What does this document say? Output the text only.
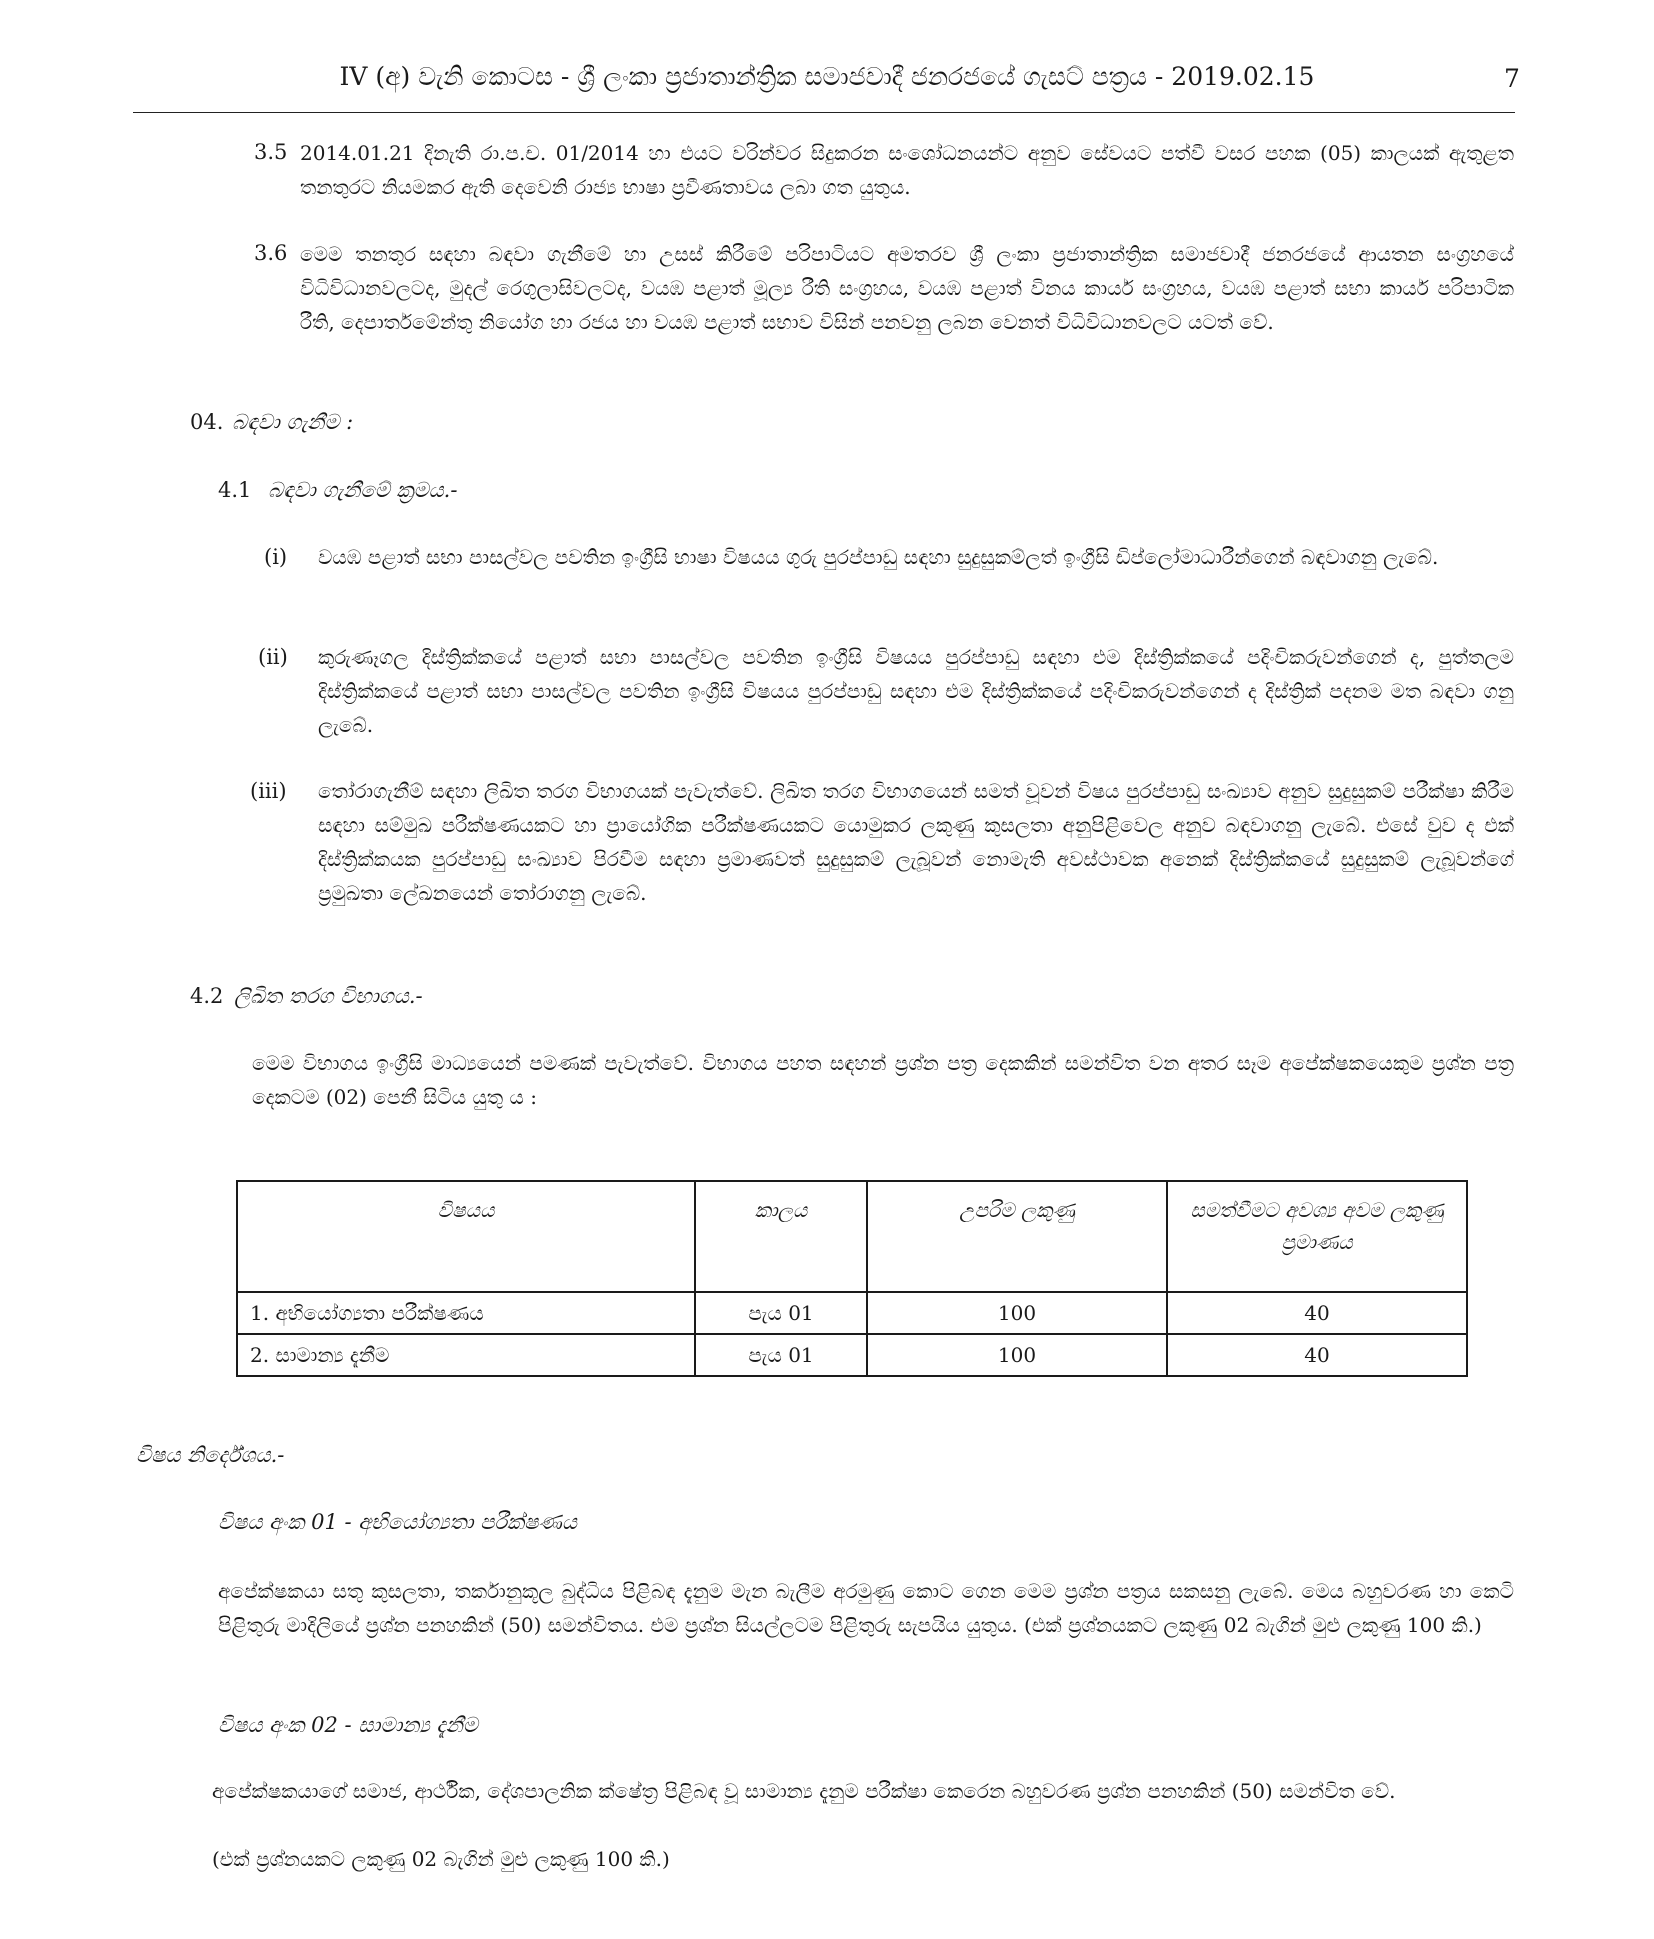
IV (අ) වැනි කොටස - ශ්‍රී ලංකා ප්‍රජාතාන්ත්‍රික සමාජවාදී ජනරජයේ ගැසට් පත්‍රය - 2019.02.15	7
3.5 2014.01.21 දිනැති රා.ප.ච. 01/2014 හා එයට වරින්වර සිදුකරන සංශෝධනයන්ට අනුව සේවයට පත්වී වසර පහක (05) කාලයක් ඇතුළත තනතුරට නියමකර ඇති දෙවෙනි රාජ්‍ය භාෂා ප්‍රවීණතාවය ලබා ගත යුතුය.
3.6 මෙම තනතුර සඳහා බඳවා ගැනීමේ හා උසස් කිරීමේ පරිපාටියට අමතරව ශ්‍රී ලංකා ප්‍රජාතාන්ත්‍රික සමාජවාදී ජනරජයේ ආයතන සංග්‍රහයේ විධිවිධානවලටද, මුදල් රෙගුලාසිවලටද, වයඹ පළාත් මූල්‍ය රීති සංග්‍රහය, වයඹ පළාත් විනය කාර්ය සංග්‍රහය, වයඹ පළාත් සභා කාර්ය පරිපාටික රීති, දෙපාර්තමේන්තු නියෝග හා රජය හා වයඹ පළාත් සභාව විසින් පනවනු ලබන වෙනත් විධිවිධානවලට යටත් වේ.
04. බඳවා ගැනීම :
4.1 බඳවා ගැනීමේ ක්‍රමය.-
(i) වයඹ පළාත් සභා පාසල්වල පවතින ඉංග්‍රීසි භාෂා විෂයය ගුරු පුරප්පාඩු සඳහා සුදුසුකම්ලත් ඉංග්‍රීසි ඩිප්ලෝමාධාරීන්ගෙන් බඳවාගනු ලැබේ.
(ii) කුරුණෑගල දිස්ත්‍රික්කයේ පළාත් සභා පාසල්වල පවතින ඉංග්‍රීසි විෂයය පුරප්පාඩු සඳහා එම දිස්ත්‍රික්කයේ පදිංචිකරුවන්ගෙන් ද, පුත්තලම දිස්ත්‍රික්කයේ පළාත් සභා පාසල්වල පවතින ඉංග්‍රීසි විෂයය පුරප්පාඩු සඳහා එම දිස්ත්‍රික්කයේ පදිංචිකරුවන්ගෙන් ද දිස්ත්‍රික් පදනම මත බඳවා ගනු ලැබේ.
(iii) තෝරාගැනීම් සඳහා ලිඛිත තරග විභාගයක් පැවැත්වේ. ලිඛිත තරග විභාගයෙන් සමත් වූවන් විෂය පුරප්පාඩු සංඛ්‍යාව අනුව සුදුසුකම් පරීක්ෂා කිරීම සඳහා සම්මුඛ පරීක්ෂණයකට හා ප්‍රායෝගික පරීක්ෂණයකට යොමුකර ලකුණු කුසලතා අනුපිළිවෙල අනුව බඳවාගනු ලැබේ. එසේ වුව ද එක් දිස්ත්‍රික්කයක පුරප්පාඩු සංඛ්‍යාව පිරවීම සඳහා ප්‍රමාණවත් සුදුසුකම් ලැබූවන් නොමැති අවස්ථාවක අනෙක් දිස්ත්‍රික්කයේ සුදුසුකම් ලැබූවන්ගේ ප්‍රමුඛතා ලේඛනයෙන් තෝරාගනු ලැබේ.
4.2 ලිඛිත තරග විභාගය.-
මෙම විභාගය ඉංග්‍රීසි මාධ්‍යයෙන් පමණක් පැවැත්වේ. විභාගය පහත සඳහන් ප්‍රශ්න පත්‍ර දෙකකින් සමන්විත වන අතර සෑම අපේක්ෂකයෙකුම ප්‍රශ්න පත්‍ර දෙකටම (02) පෙනී සිටිය යුතු ය :
විෂයය	කාලය	උපරිම ලකුණු	සමත්වීමට අවශ්‍ය අවම ලකුණු ප්‍රමාණය
1. අභියෝග්‍යතා පරීක්ෂණය	පැය 01	100	40
2. සාමාන්‍ය දැනීම	පැය 01	100	40
විෂය නිර්දේශය.-
විෂය අංක 01 - අභියෝග්‍යතා පරීක්ෂණය
අපේක්ෂකයා සතු කුසලතා, තර්කානුකූල බුද්ධිය පිළිබඳ දැනුම මැන බැලීම අරමුණු කොට ගෙන මෙම ප්‍රශ්න පත්‍රය සකසනු ලැබේ. මෙය බහුවරණ හා කෙටි පිළිතුරු මාදිලියේ ප්‍රශ්න පනහකින් (50) සමන්විතය. එම ප්‍රශ්න සියල්ලටම පිළිතුරු සැපයිය යුතුය. (එක් ප්‍රශ්නයකට ලකුණු 02 බැගින් මුළු ලකුණු 100 කි.)
විෂය අංක 02 - සාමාන්‍ය දැනීම
අපේක්ෂකයාගේ සමාජ, ආර්ථික, දේශපාලනික ක්ෂේත්‍ර පිළිබඳ වූ සාමාන්‍ය දැනුම පරීක්ෂා කෙරෙන බහුවරණ ප්‍රශ්න පනහකින් (50) සමන්විත වේ.
(එක් ප්‍රශ්නයකට ලකුණු 02 බැගින් මුළු ලකුණු 100 කි.)
